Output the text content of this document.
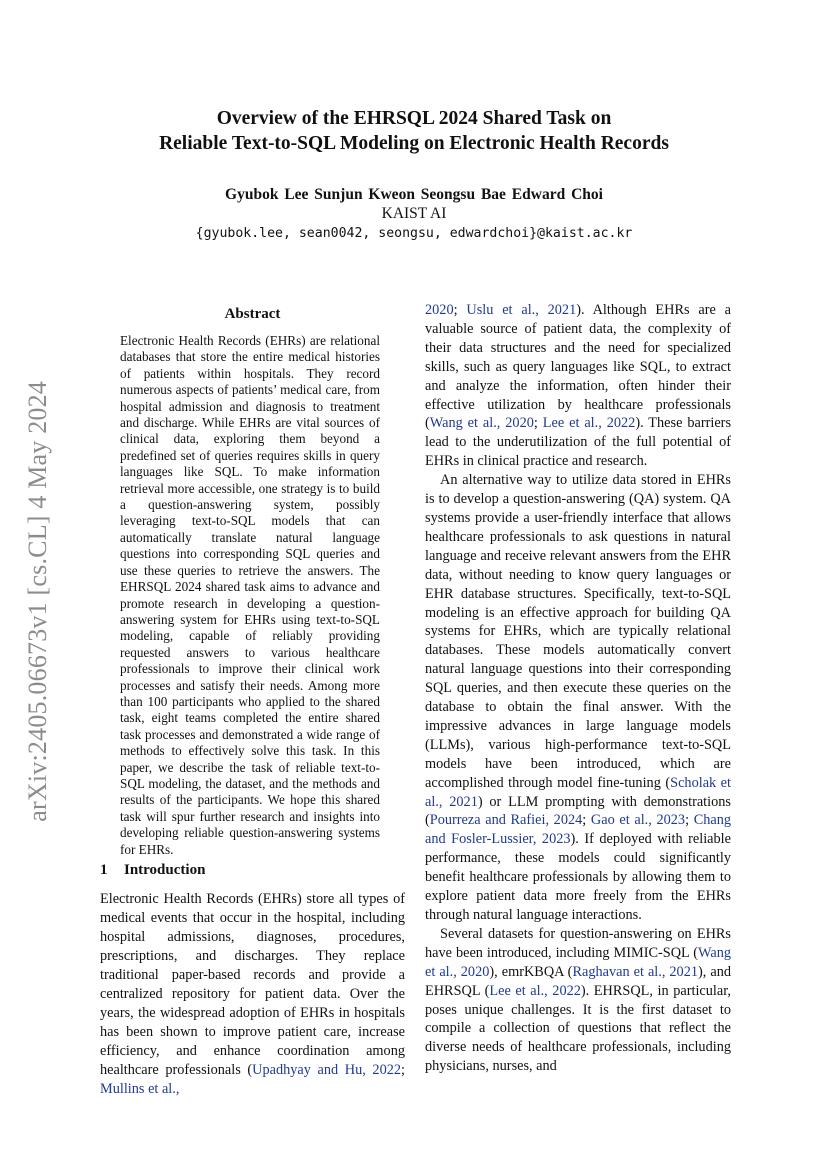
arXiv:2405.06673v1 [cs.CL] 4 May 2024
Overview of the EHRSQL 2024 Shared Task on
Reliable Text-to-SQL Modeling on Electronic Health Records
Gyubok Lee Sunjun Kweon Seongsu Bae Edward Choi
KAIST AI
{gyubok.lee, sean0042, seongsu, edwardchoi}@kaist.ac.kr
Abstract

Electronic Health Records (EHRs) are relational databases that store the entire medical histories of patients within hospitals. They record numerous aspects of patients’ medical care, from hospital admission and diagnosis to treatment and discharge. While EHRs are vital sources of clinical data, exploring them beyond a predefined set of queries requires skills in query languages like SQL. To make information retrieval more accessible, one strategy is to build a question-answering system, possibly leveraging text-to-SQL models that can automatically translate natural language questions into corresponding SQL queries and use these queries to retrieve the answers. The EHRSQL 2024 shared task aims to advance and promote research in developing a question-answering system for EHRs using text-to-SQL modeling, capable of reliably providing requested answers to various healthcare professionals to improve their clinical work processes and satisfy their needs. Among more than 100 participants who applied to the shared task, eight teams completed the entire shared task processes and demonstrated a wide range of methods to effectively solve this task. In this paper, we describe the task of reliable text-to-SQL modeling, the dataset, and the methods and results of the participants. We hope this shared task will spur further research and insights into developing reliable question-answering systems for EHRs.

1 Introduction

Electronic Health Records (EHRs) store all types of medical events that occur in the hospital, including hospital admissions, diagnoses, procedures, prescriptions, and discharges. They replace traditional paper-based records and provide a centralized repository for patient data. Over the years, the widespread adoption of EHRs in hospitals has been shown to improve patient care, increase efficiency, and enhance coordination among healthcare professionals (Upadhyay and Hu, 2022; Mullins et al.,

2020; Uslu et al., 2021). Although EHRs are a valuable source of patient data, the complexity of their data structures and the need for specialized skills, such as query languages like SQL, to extract and analyze the information, often hinder their effective utilization by healthcare professionals (Wang et al., 2020; Lee et al., 2022). These barriers lead to the underutilization of the full potential of EHRs in clinical practice and research.

An alternative way to utilize data stored in EHRs is to develop a question-answering (QA) system. QA systems provide a user-friendly interface that allows healthcare professionals to ask questions in natural language and receive relevant answers from the EHR data, without needing to know query languages or EHR database structures. Specifically, text-to-SQL modeling is an effective approach for building QA systems for EHRs, which are typically relational databases. These models automatically convert natural language questions into their corresponding SQL queries, and then execute these queries on the database to obtain the final answer. With the impressive advances in large language models (LLMs), various high-performance text-to-SQL models have been introduced, which are accomplished through model fine-tuning (Scholak et al., 2021) or LLM prompting with demonstrations (Pourreza and Rafiei, 2024; Gao et al., 2023; Chang and Fosler-Lussier, 2023). If deployed with reliable performance, these models could significantly benefit healthcare professionals by allowing them to explore patient data more freely from the EHRs through natural language interactions.

Several datasets for question-answering on EHRs have been introduced, including MIMIC-SQL (Wang et al., 2020), emrKBQA (Raghavan et al., 2021), and EHRSQL (Lee et al., 2022). EHRSQL, in particular, poses unique challenges. It is the first dataset to compile a collection of questions that reflect the diverse needs of healthcare professionals, including physicians, nurses, and
